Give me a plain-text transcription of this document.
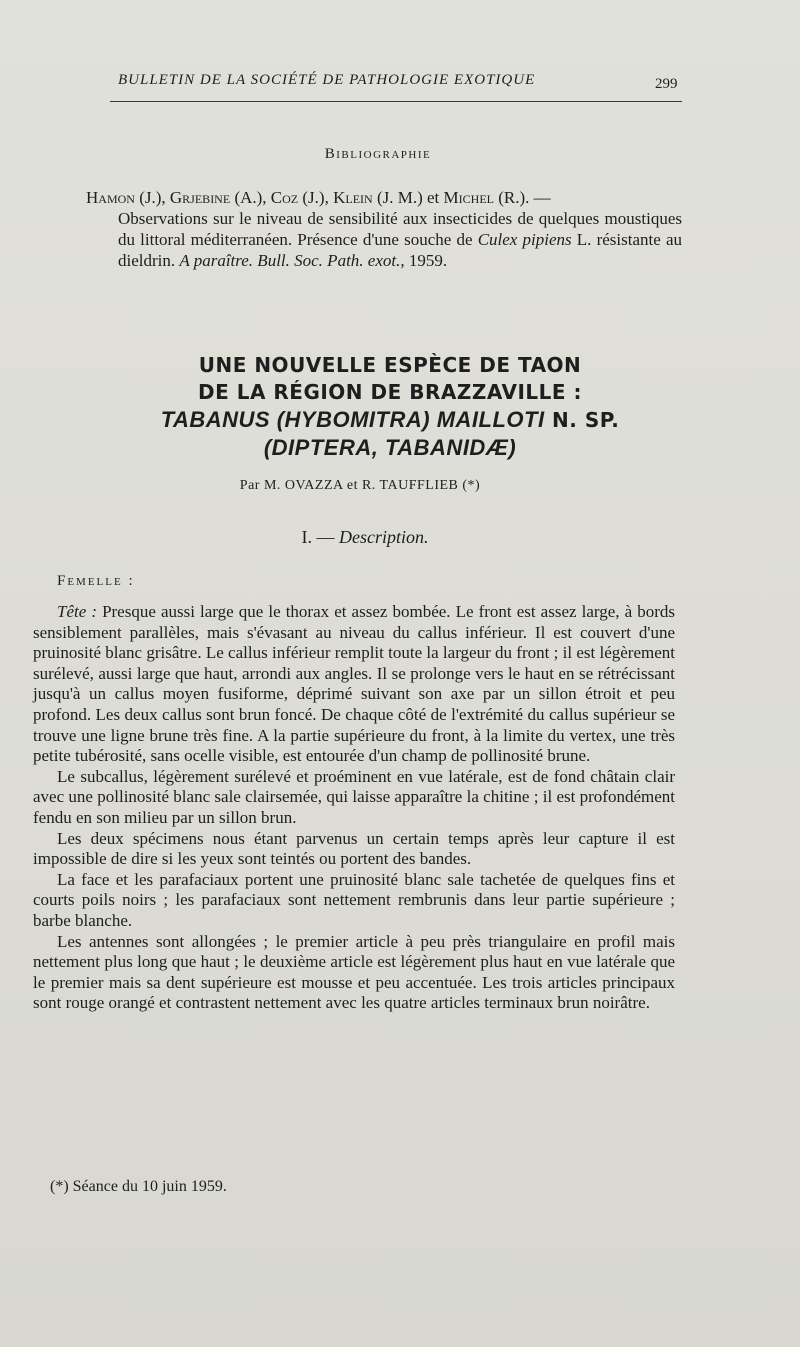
BULLETIN DE LA SOCIÉTÉ DE PATHOLOGIE EXOTIQUE	299
Bibliographie
Hamon (J.), Grjebine (A.), Coz (J.), Klein (J. M.) et Michel (R.). —
Observations sur le niveau de sensibilité aux insecticides de quelques moustiques du littoral méditerranéen. Présence d'une souche de Culex pipiens L. résistante au dieldrin. A paraître. Bull. Soc. Path. exot., 1959.
UNE NOUVELLE ESPÈCE DE TAON
DE LA RÉGION DE BRAZZAVILLE :
TABANUS (HYBOMITRA) MAILLOTI N. SP.
(DIPTERA, TABANIDÆ)
Par M. OVAZZA et R. TAUFFLIEB (*)
I. — Description.
Femelle :

Tête : Presque aussi large que le thorax et assez bombée. Le front est assez large, à bords sensiblement parallèles, mais s'évasant au niveau du callus inférieur. Il est couvert d'une pruinosité blanc grisâtre. Le callus inférieur remplit toute la largeur du front ; il est légèrement surélevé, aussi large que haut, arrondi aux angles. Il se prolonge vers le haut en se rétrécissant jusqu'à un callus moyen fusiforme, déprimé suivant son axe par un sillon étroit et peu profond. Les deux callus sont brun foncé. De chaque côté de l'extrémité du callus supérieur se trouve une ligne brune très fine. A la partie supérieure du front, à la limite du vertex, une très petite tubérosité, sans ocelle visible, est entourée d'un champ de pollinosité brune.

Le subcallus, légèrement surélevé et proéminent en vue latérale, est de fond châtain clair avec une pollinosité blanc sale clairsemée, qui laisse apparaître la chitine ; il est profondément fendu en son milieu par un sillon brun.

Les deux spécimens nous étant parvenus un certain temps après leur capture il est impossible de dire si les yeux sont teintés ou portent des bandes.

La face et les parafaciaux portent une pruinosité blanc sale tachetée de quelques fins et courts poils noirs ; les parafaciaux sont nettement rembrunis dans leur partie supérieure ; barbe blanche.

Les antennes sont allongées ; le premier article à peu près triangulaire en profil mais nettement plus long que haut ; le deuxième article est légèrement plus haut en vue latérale que le premier mais sa dent supérieure est mousse et peu accentuée. Les trois articles principaux sont rouge orangé et contrastent nettement avec les quatre articles terminaux brun noirâtre.

(*) Séance du 10 juin 1959.
